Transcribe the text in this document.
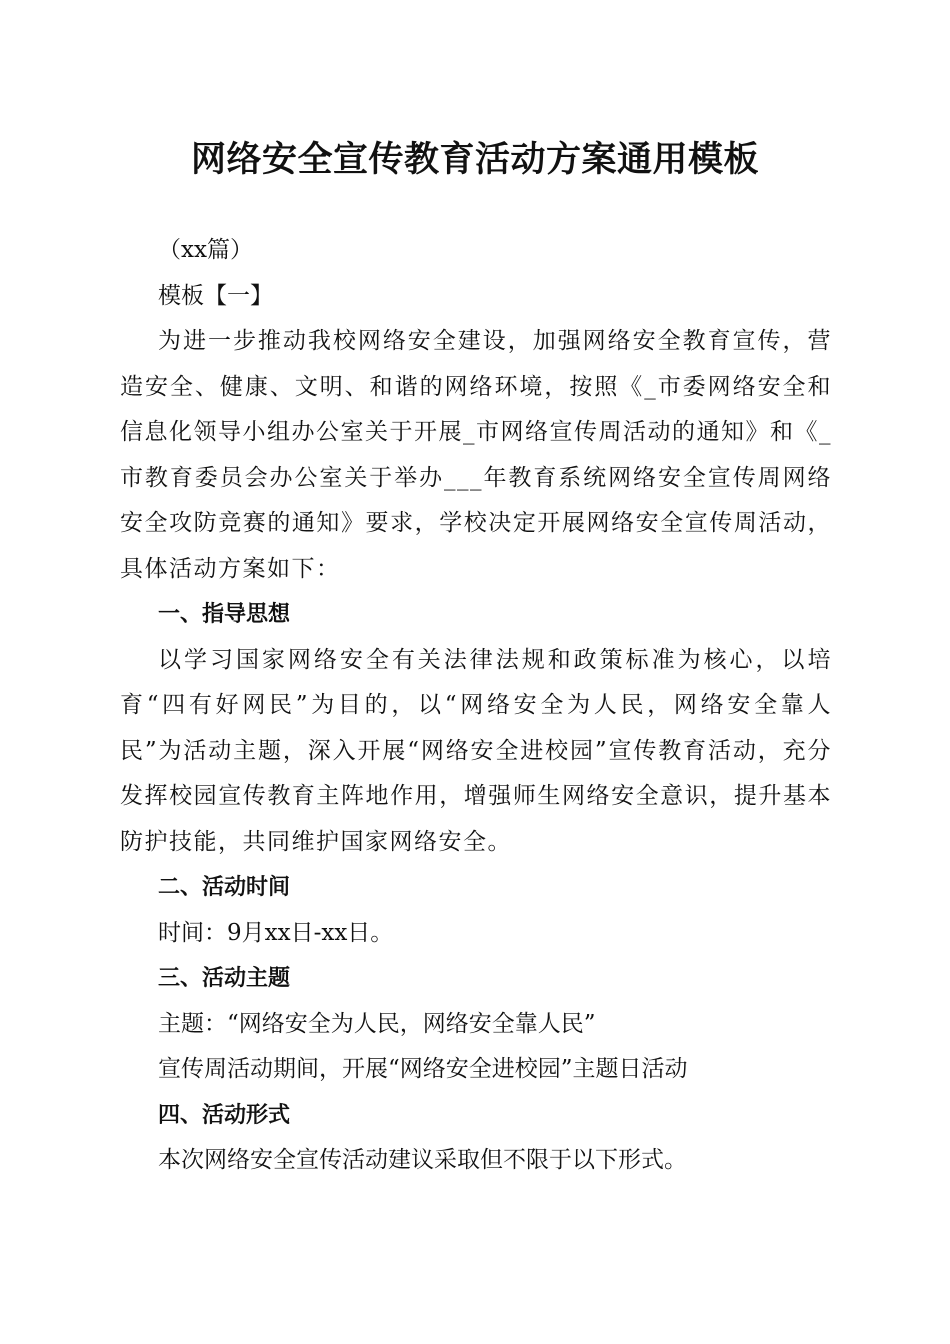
网络安全宣传教育活动方案通用模板

（xx篇）

模板【一】

为进一步推动我校网络安全建设，加强网络安全教育宣传，营造安全、健康、文明、和谐的网络环境，按照《_市委网络安全和信息化领导小组办公室关于开展_市网络宣传周活动的通知》和《_市教育委员会办公室关于举办___年教育系统网络安全宣传周网络安全攻防竞赛的通知》要求，学校决定开展网络安全宣传周活动，具体活动方案如下：

一、指导思想

以学习国家网络安全有关法律法规和政策标准为核心，以培育“四有好网民”为目的，以“网络安全为人民，网络安全靠人民”为活动主题，深入开展“网络安全进校园”宣传教育活动，充分发挥校园宣传教育主阵地作用，增强师生网络安全意识，提升基本防护技能，共同维护国家网络安全。

二、活动时间

时间：9月xx日-xx日。

三、活动主题

主题：“网络安全为人民，网络安全靠人民”

宣传周活动期间，开展“网络安全进校园”主题日活动

四、活动形式

本次网络安全宣传活动建议采取但不限于以下形式。
